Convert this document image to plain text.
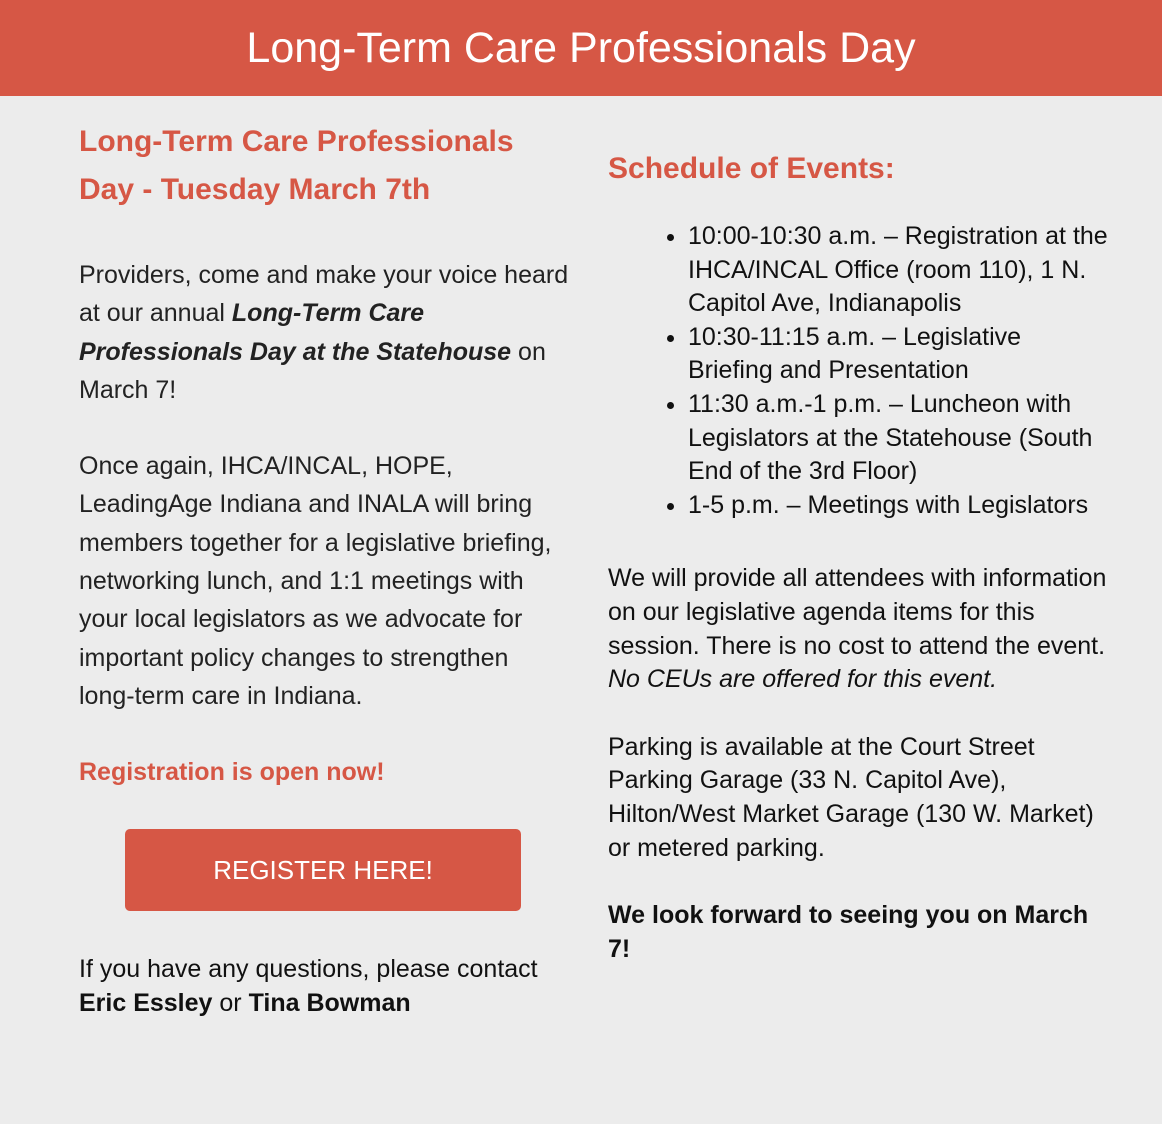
Long-Term Care Professionals Day
Long-Term Care Professionals Day - Tuesday March 7th

Providers, come and make your voice heard at our annual Long-Term Care Professionals Day at the Statehouse on March 7!

Once again, IHCA/INCAL, HOPE, LeadingAge Indiana and INALA will bring members together for a legislative briefing, networking lunch, and 1:1 meetings with your local legislators as we advocate for important policy changes to strengthen long-term care in Indiana.

Registration is open now!

REGISTER HERE!

If you have any questions, please contact Eric Essley or Tina Bowman

Schedule of Events:
• 10:00-10:30 a.m. – Registration at the IHCA/INCAL Office (room 110), 1 N. Capitol Ave, Indianapolis
• 10:30-11:15 a.m. – Legislative Briefing and Presentation
• 11:30 a.m.-1 p.m. – Luncheon with Legislators at the Statehouse (South End of the 3rd Floor)
• 1-5 p.m. – Meetings with Legislators

We will provide all attendees with information on our legislative agenda items for this session. There is no cost to attend the event. No CEUs are offered for this event.

Parking is available at the Court Street Parking Garage (33 N. Capitol Ave), Hilton/West Market Garage (130 W. Market) or metered parking.

We look forward to seeing you on March 7!
